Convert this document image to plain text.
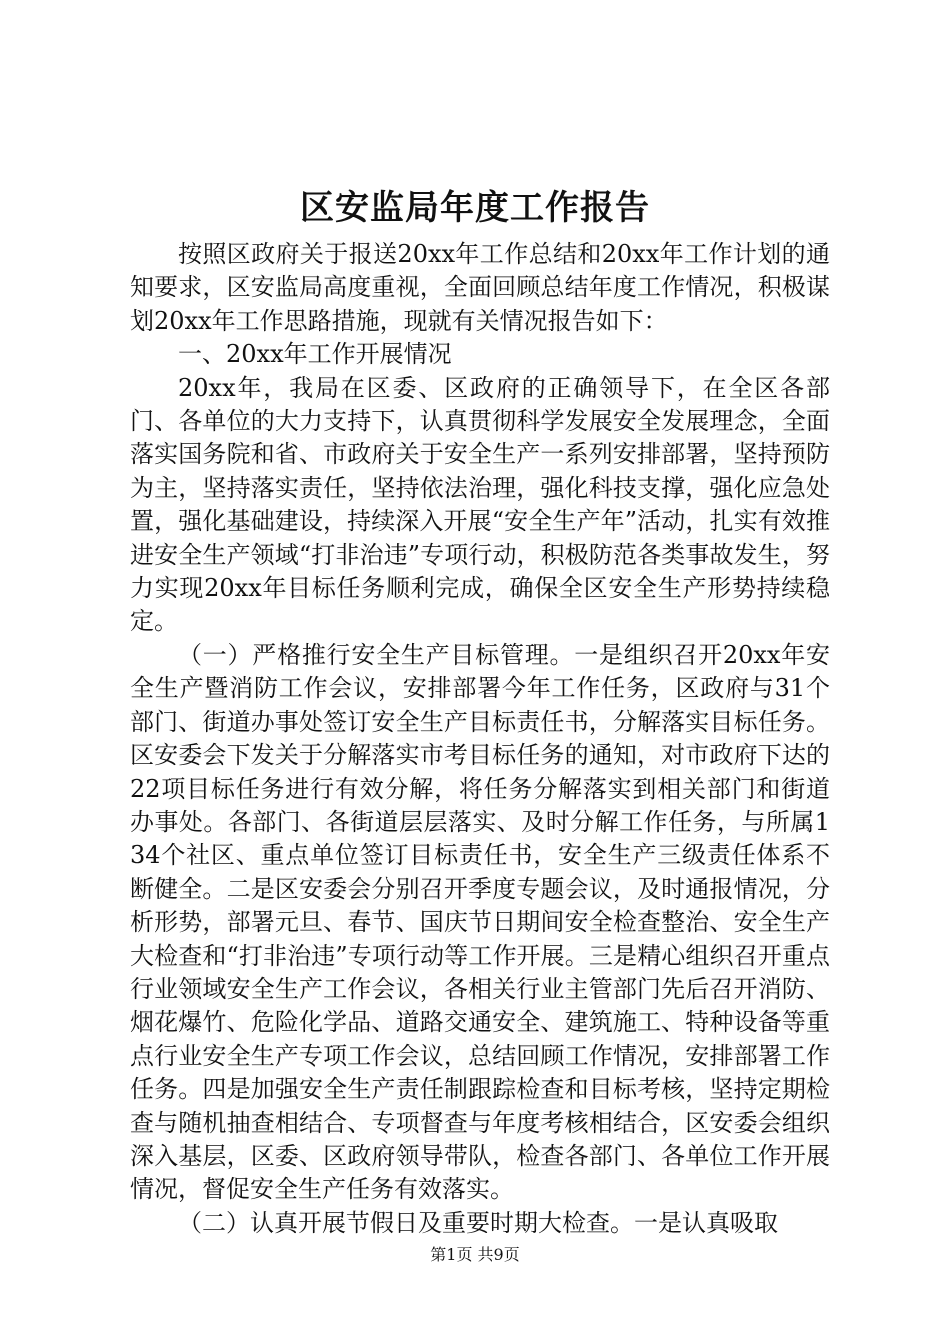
区安监局年度工作报告

按照区政府关于报送20xx年工作总结和20xx年工作计划的通知要求，区安监局高度重视，全面回顾总结年度工作情况，积极谋划20xx年工作思路措施，现就有关情况报告如下：

一、20xx年工作开展情况

20xx年，我局在区委、区政府的正确领导下，在全区各部门、各单位的大力支持下，认真贯彻科学发展安全发展理念，全面落实国务院和省、市政府关于安全生产一系列安排部署，坚持预防为主，坚持落实责任，坚持依法治理，强化科技支撑，强化应急处置，强化基础建设，持续深入开展“安全生产年”活动，扎实有效推进安全生产领域“打非治违”专项行动，积极防范各类事故发生，努力实现20xx年目标任务顺利完成，确保全区安全生产形势持续稳定。

（一）严格推行安全生产目标管理。一是组织召开20xx年安全生产暨消防工作会议，安排部署今年工作任务，区政府与31个部门、街道办事处签订安全生产目标责任书，分解落实目标任务。区安委会下发关于分解落实市考目标任务的通知，对市政府下达的22项目标任务进行有效分解，将任务分解落实到相关部门和街道办事处。各部门、各街道层层落实、及时分解工作任务，与所属134个社区、重点单位签订目标责任书，安全生产三级责任体系不断健全。二是区安委会分别召开季度专题会议，及时通报情况，分析形势，部署元旦、春节、国庆节日期间安全检查整治、安全生产大检查和“打非治违”专项行动等工作开展。三是精心组织召开重点行业领域安全生产工作会议，各相关行业主管部门先后召开消防、烟花爆竹、危险化学品、道路交通安全、建筑施工、特种设备等重点行业安全生产专项工作会议，总结回顾工作情况，安排部署工作任务。四是加强安全生产责任制跟踪检查和目标考核，坚持定期检查与随机抽查相结合、专项督查与年度考核相结合，区安委会组织深入基层，区委、区政府领导带队，检查各部门、各单位工作开展情况，督促安全生产任务有效落实。

（二）认真开展节假日及重要时期大检查。一是认真吸取

第1页 共9页
